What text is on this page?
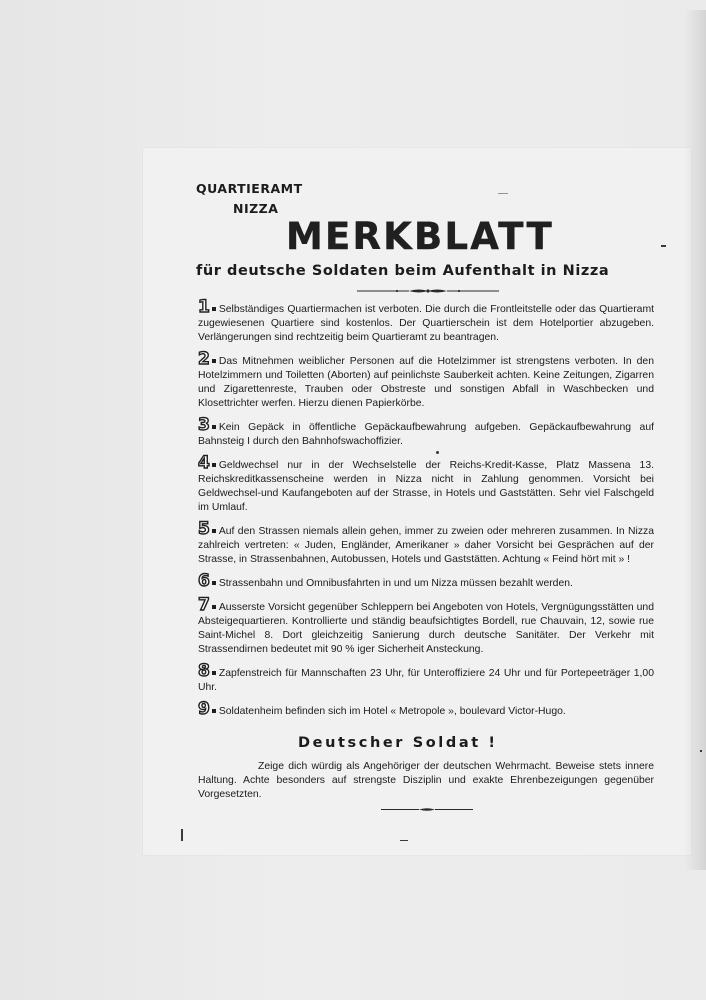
QUARTIERAMT
NIZZA
MERKBLATT
für deutsche Soldaten beim Aufenthalt in Nizza
1 Selbständiges Quartiermachen ist verboten. Die durch die Frontleitstelle oder das Quartieramt zugewiesenen Quartiere sind kostenlos. Der Quartierschein ist dem Hotelportier abzugeben. Verlängerungen sind rechtzeitig beim Quartieramt zu beantragen.
2 Das Mitnehmen weiblicher Personen auf die Hotelzimmer ist strengstens verboten. In den Hotelzimmern und Toiletten (Aborten) auf peinlichste Sauberkeit achten. Keine Zeitungen, Zigarren und Zigarettenreste, Trauben oder Obstreste und sonstigen Abfall in Waschbecken und Klosettrichter werfen. Hierzu dienen Papierkörbe.
3 Kein Gepäck in öffentliche Gepäckaufbewahrung aufgeben. Gepäckaufbewahrung auf Bahnsteig I durch den Bahnhofswachoffizier.
4 Geldwechsel nur in der Wechselstelle der Reichs-Kredit-Kasse, Platz Massena 13. Reichskreditkassenscheine werden in Nizza nicht in Zahlung genommen. Vorsicht bei Geldwechsel-und Kaufangeboten auf der Strasse, in Hotels und Gaststätten. Sehr viel Falschgeld im Umlauf.
5 Auf den Strassen niemals allein gehen, immer zu zweien oder mehreren zusammen. In Nizza zahlreich vertreten: « Juden, Engländer, Amerikaner » daher Vorsicht bei Gesprächen auf der Strasse, in Strassenbahnen, Autobussen, Hotels und Gaststätten. Achtung « Feind hört mit » !
6 Strassenbahn und Omnibusfahrten in und um Nizza müssen bezahlt werden.
7 Ausserste Vorsicht gegenüber Schleppern bei Angeboten von Hotels, Vergnügungsstätten und Absteigequartieren. Kontrollierte und ständig beaufsichtigtes Bordell, rue Chauvain, 12, sowie rue Saint-Michel 8. Dort gleichzeitig Sanierung durch deutsche Sanitäter. Der Verkehr mit Strassendirnen bedeutet mit 90 % iger Sicherheit Ansteckung.
8 Zapfenstreich für Mannschaften 23 Uhr, für Unteroffiziere 24 Uhr und für Portepeeträger 1,00 Uhr.
9 Soldatenheim befinden sich im Hotel « Metropole », boulevard Victor-Hugo.
Deutscher Soldat !
Zeige dich würdig als Angehöriger der deutschen Wehrmacht. Beweise stets innere Haltung. Achte besonders auf strengste Disziplin und exakte Ehrenbezeigungen gegenüber Vorgesetzten.
